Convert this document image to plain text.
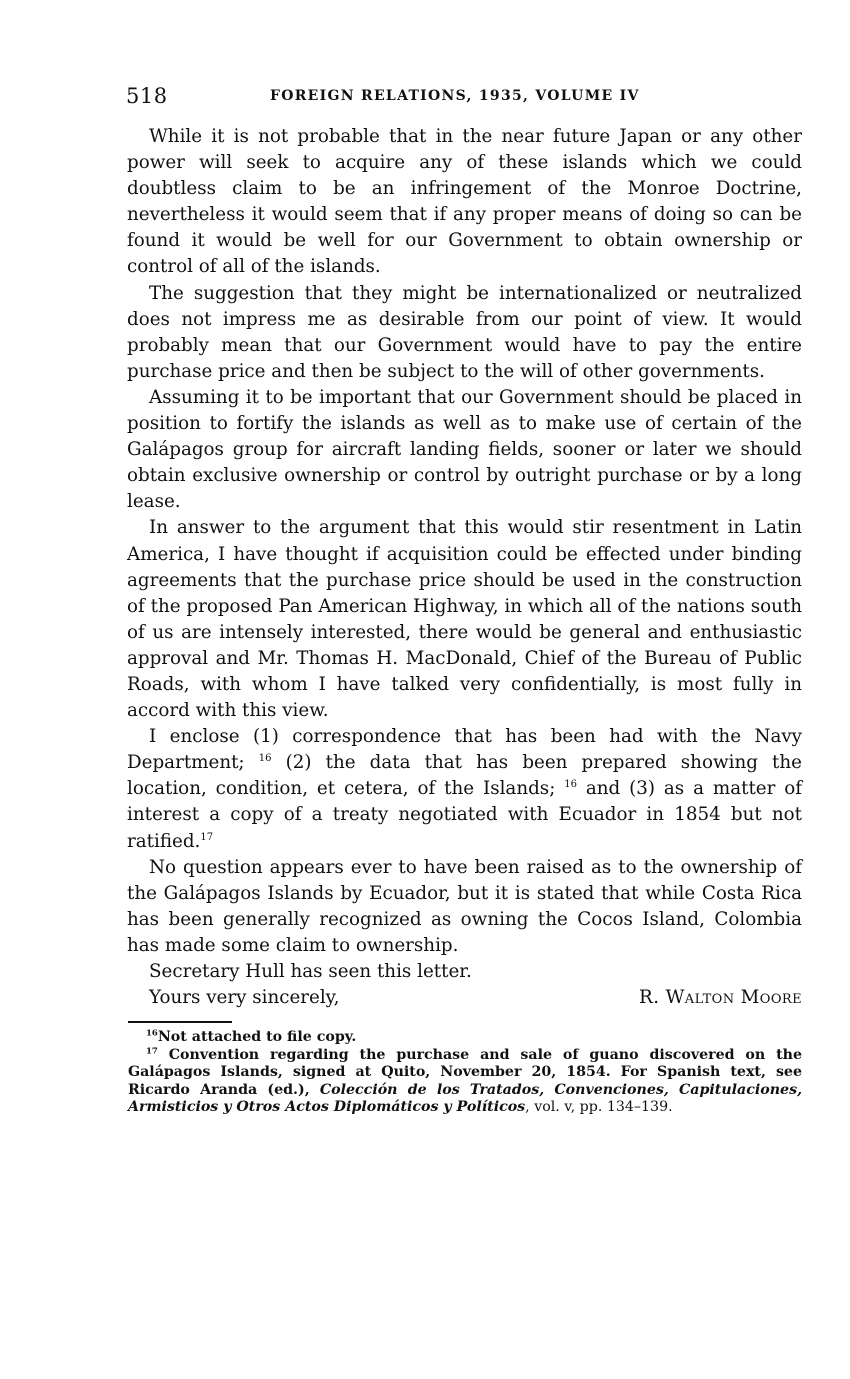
518	FOREIGN RELATIONS, 1935, VOLUME IV

While it is not probable that in the near future Japan or any other power will seek to acquire any of these islands which we could doubtless claim to be an infringement of the Monroe Doctrine, nevertheless it would seem that if any proper means of doing so can be found it would be well for our Government to obtain ownership or control of all of the islands.

The suggestion that they might be internationalized or neutralized does not impress me as desirable from our point of view. It would probably mean that our Government would have to pay the entire purchase price and then be subject to the will of other governments.

Assuming it to be important that our Government should be placed in position to fortify the islands as well as to make use of certain of the Galápagos group for aircraft landing fields, sooner or later we should obtain exclusive ownership or control by outright purchase or by a long lease.

In answer to the argument that this would stir resentment in Latin America, I have thought if acquisition could be effected under binding agreements that the purchase price should be used in the construction of the proposed Pan American Highway, in which all of the nations south of us are intensely interested, there would be general and enthusiastic approval and Mr. Thomas H. MacDonald, Chief of the Bureau of Public Roads, with whom I have talked very confidentially, is most fully in accord with this view.

I enclose (1) correspondence that has been had with the Navy Department; $^{16}$ (2) the data that has been prepared showing the location, condition, et cetera, of the Islands; $^{16}$ and (3) as a matter of interest a copy of a treaty negotiated with Ecuador in 1854 but not ratified.$^{17}$

No question appears ever to have been raised as to the ownership of the Galápagos Islands by Ecuador, but it is stated that while Costa Rica has been generally recognized as owning the Cocos Island, Colombia has made some claim to ownership.

Secretary Hull has seen this letter.

Yours very sincerely,	R. Walton Moore

$^{16}$Not attached to file copy.

$^{17}$ Convention regarding the purchase and sale of guano discovered on the Galápagos Islands, signed at Quito, November 20, 1854. For Spanish text, see Ricardo Aranda (ed.), Colección de los Tratados, Convenciones, Capitulaciones, Armisticios y Otros Actos Diplomáticos y Políticos, vol. v, pp. 134–139.
